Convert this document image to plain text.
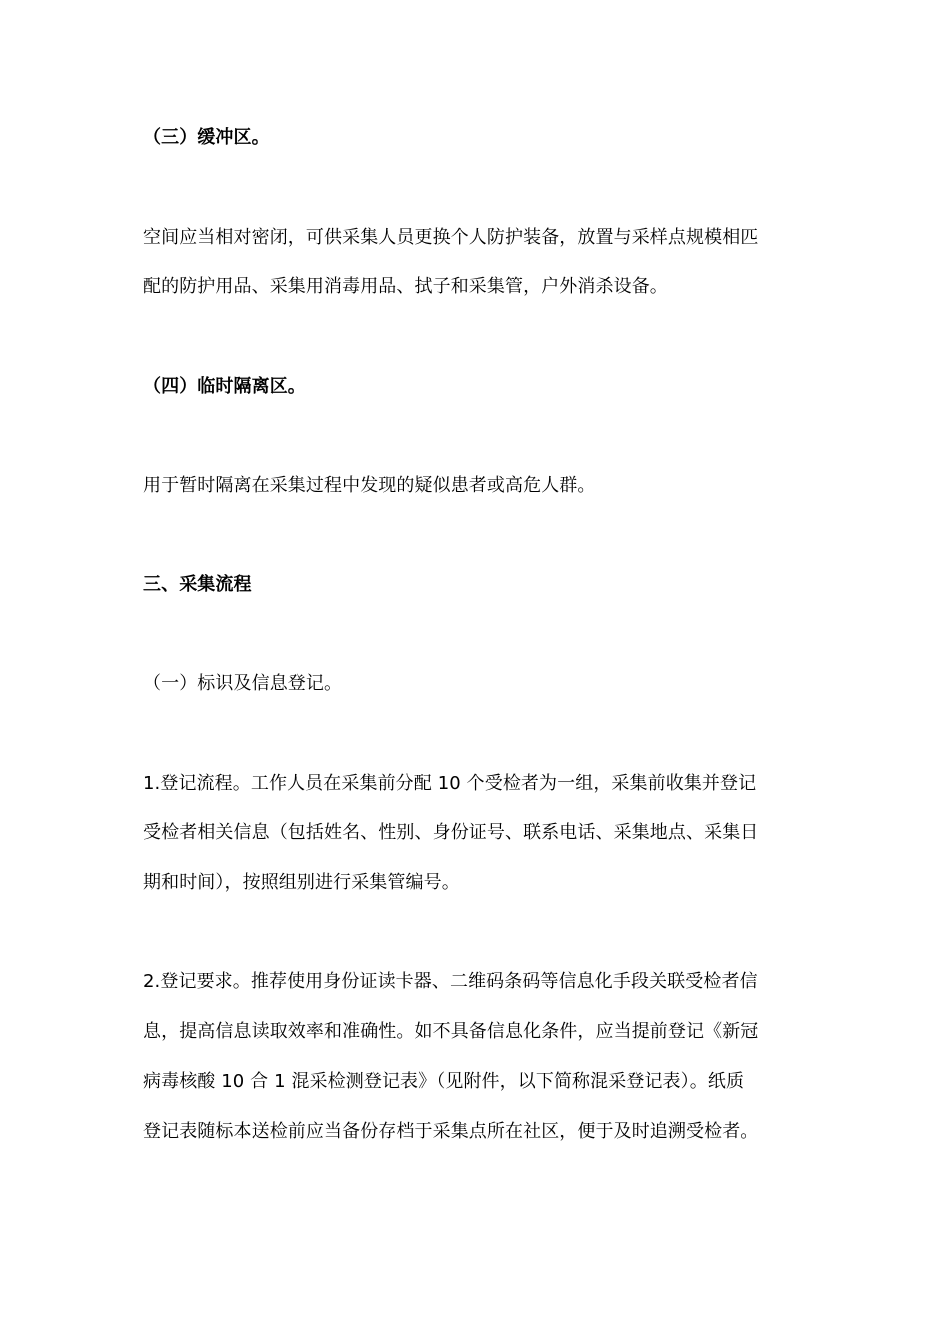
（三）缓冲区。
空间应当相对密闭，可供采集人员更换个人防护装备，放置与采样点规模相匹
配的防护用品、采集用消毒用品、拭子和采集管，户外消杀设备。
（四）临时隔离区。
用于暂时隔离在采集过程中发现的疑似患者或高危人群。
三、采集流程
（一）标识及信息登记。
1.登记流程。工作人员在采集前分配 10 个受检者为一组，采集前收集并登记
受检者相关信息（包括姓名、性别、身份证号、联系电话、采集地点、采集日
期和时间），按照组别进行采集管编号。
2.登记要求。推荐使用身份证读卡器、二维码条码等信息化手段关联受检者信
息，提高信息读取效率和准确性。如不具备信息化条件，应当提前登记《新冠
病毒核酸 10 合 1 混采检测登记表》（见附件，以下简称混采登记表）。纸质
登记表随标本送检前应当备份存档于采集点所在社区，便于及时追溯受检者。
